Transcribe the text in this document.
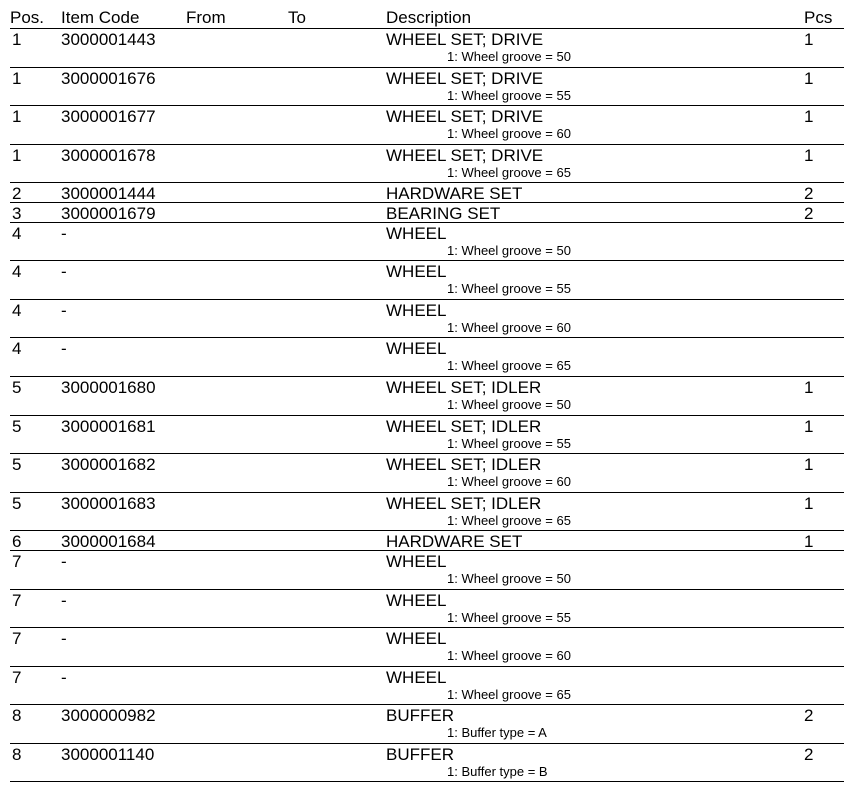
Pos. Item Code	From	To	Description	Pcs
1 3000001443	WHEEL SET; DRIVE	1
1: Wheel groove = 50
1 3000001676	WHEEL SET; DRIVE	1
1: Wheel groove = 55
1 3000001677	WHEEL SET; DRIVE	1
1: Wheel groove = 60
1 3000001678	WHEEL SET; DRIVE	1
1: Wheel groove = 65
2 3000001444	HARDWARE SET	2
3 3000001679	BEARING SET	2
4 -	WHEEL
1: Wheel groove = 50
4 -	WHEEL
1: Wheel groove = 55
4 -	WHEEL
1: Wheel groove = 60
4 -	WHEEL
1: Wheel groove = 65
5 3000001680	WHEEL SET; IDLER	1
1: Wheel groove = 50
5 3000001681	WHEEL SET; IDLER	1
1: Wheel groove = 55
5 3000001682	WHEEL SET; IDLER	1
1: Wheel groove = 60
5 3000001683	WHEEL SET; IDLER	1
1: Wheel groove = 65
6 3000001684	HARDWARE SET	1
7 -	WHEEL
1: Wheel groove = 50
7 -	WHEEL
1: Wheel groove = 55
7 -	WHEEL
1: Wheel groove = 60
7 -	WHEEL
1: Wheel groove = 65
8 3000000982	BUFFER	2
1: Buffer type = A
8 3000001140	BUFFER	2
1: Buffer type = B
